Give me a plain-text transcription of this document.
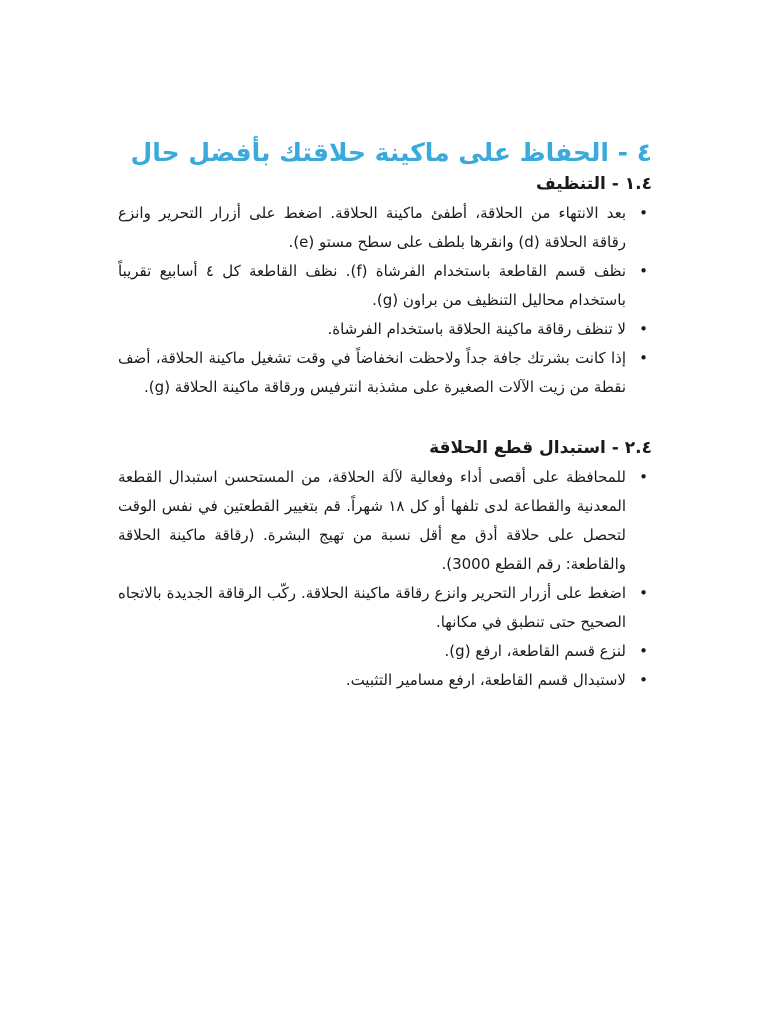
٤ - الحفاظ على ماكينة حلاقتك بأفضل حال
١.٤ - التنظيف
•
بعد الانتهاء من الحلاقة، أطفئ ماكينة الحلاقة. اضغط على أزرار التحرير وانزع رقاقة الحلاقة (d) وانقرها بلطف على سطح مستو (e).
•
نظف قسم القاطعة باستخدام الفرشاة (f). نظف القاطعة كل ٤ أسابيع تقريباً باستخدام محاليل التنظيف من براون (g).
•
لا تنظف رقاقة ماكينة الحلاقة باستخدام الفرشاة.
•
إذا كانت بشرتك جافة جداً ولاحظت انخفاضاً في وقت تشغيل ماكينة الحلاقة، أضف نقطة من زيت الآلات الصغيرة على مشذبة انترفيس ورقاقة ماكينة الحلاقة (g).
٢.٤ - استبدال قطع الحلاقة
•
للمحافظة على أقصى أداء وفعالية لآلة الحلاقة، من المستحسن استبدال القطعة المعدنية والقطاعة لدى تلفها أو كل ١٨ شهراً. قم بتغيير القطعتين في نفس الوقت لتحصل على حلاقة أدق مع أقل نسبة من تهيج البشرة. (رقاقة ماكينة الحلاقة والقاطعة: رقم القطع 3000).
•
اضغط على أزرار التحرير وانزع رقاقة ماكينة الحلاقة. ركّب الرقاقة الجديدة بالاتجاه الصحيح حتى تنطبق في مكانها.
•
لنزع قسم القاطعة، ارفع (g).
•
لاستبدال قسم القاطعة، ارفع مسامير التثبيت.
